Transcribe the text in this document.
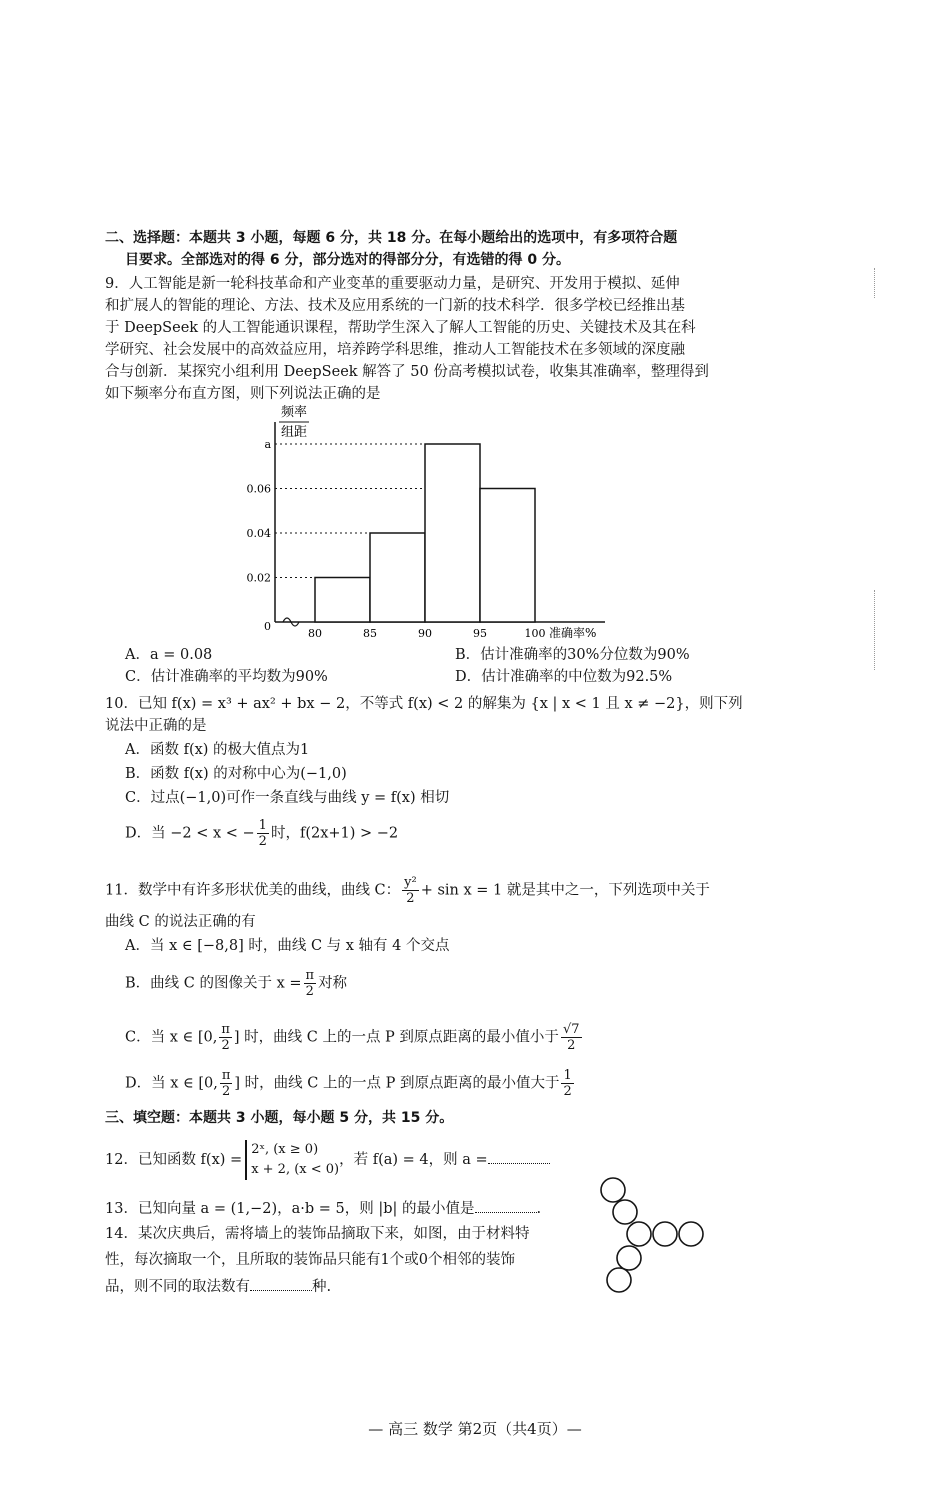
二、选择题：本题共 3 小题，每题 6 分，共 18 分。在每小题给出的选项中，有多项符合题
目要求。全部选对的得 6 分，部分选对的得部分分，有选错的得 0 分。
9．人工智能是新一轮科技革命和产业变革的重要驱动力量，是研究、开发用于模拟、延伸
和扩展人的智能的理论、方法、技术及应用系统的一门新的技术科学．很多学校已经推出基
于 DeepSeek 的人工智能通识课程，帮助学生深入了解人工智能的历史、关键技术及其在科
学研究、社会发展中的高效益应用，培养跨学科思维，推动人工智能技术在多领域的深度融
合与创新．某探究小组利用 DeepSeek 解答了 50 份高考模拟试卷，收集其准确率，整理得到
如下频率分布直方图，则下列说法正确的是
频率
组距
0
0.02
0.04
0.06
a
80	85	90	95	100 准确率%
A．a = 0.08	B．估计准确率的30%分位数为90%
C．估计准确率的平均数为90%	D．估计准确率的中位数为92.5%
10．已知 f(x) = x³ + ax² + bx − 2，不等式 f(x) < 2 的解集为 {x | x < 1 且 x ≠ −2}，则下列
说法中正确的是
A．函数 f(x) 的极大值点为1
B．函数 f(x) 的对称中心为(−1,0)
C．过点(−1,0)可作一条直线与曲线 y = f(x) 相切
D．当 −2 < x < − $\frac{1}{2}$ 时，f(2x+1) > −2
11．数学中有许多形状优美的曲线，曲线 C： $\frac{\text{y²}}{2} + \sin x = 1$ 就是其中之一，下列选项中关于
曲线 C 的说法正确的有
A．当 x ∈ [−8,8] 时，曲线 C 与 x 轴有 4 个交点
B．曲线 C 的图像关于 $x = \frac{\pi}{2}$ 对称
C．当 x ∈ [0, $\frac{\pi}{2}$ ] 时，曲线 C 上的一点 P 到原点距离的最小值小于 $\frac{√7}{2}$
D．当 x ∈ [0, $\frac{\pi}{2}$ ] 时，曲线 C 上的一点 P 到原点距离的最小值大于 $\frac{1}{2}$
三、填空题：本题共 3 小题，每小题 5 分，共 15 分。
12．已知函数 f(x) =
2ˣ, (x ≥ 0)
x + 2, (x < 0)
，若 f(a) = 4，则 a =
13．已知向量 a = (1,−2)，a·b = 5，则 |b| 的最小值是	.
14．某次庆典后，需将墙上的装饰品摘取下来，如图，由于材料特
性，每次摘取一个，且所取的装饰品只能有1个或0个相邻的装饰
品，则不同的取法数有	种.
— 高三 数学 第2页（共4页）—
